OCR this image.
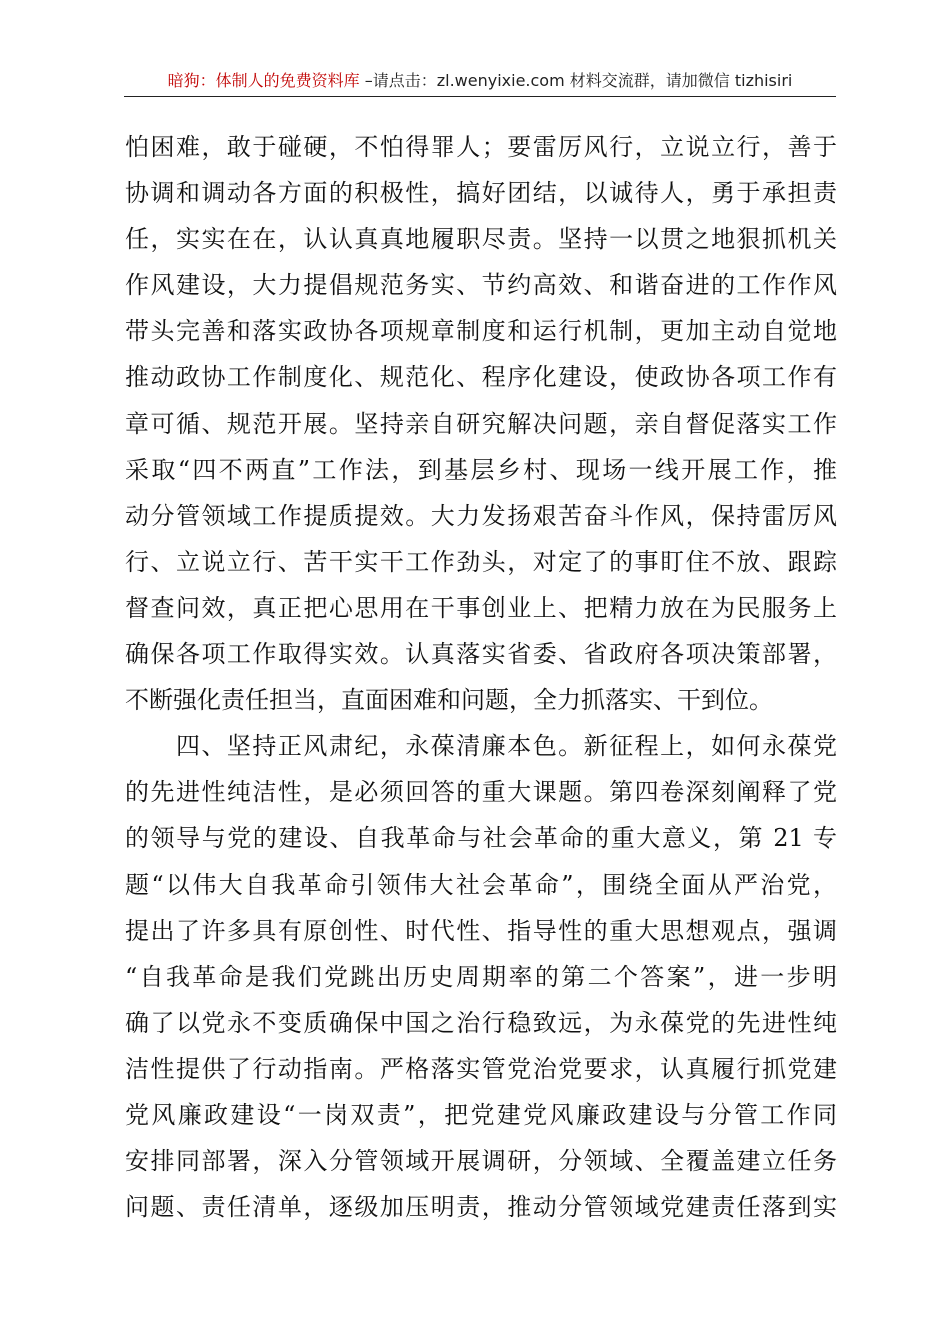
暗狗：体制人的免费资料库 –请点击：zl.wenyixie.com 材料交流群，请加微信 tizhisiri
怕困难，敢于碰硬，不怕得罪人；要雷厉风行，立说立行，善于
协调和调动各方面的积极性，搞好团结，以诚待人，勇于承担责
任，实实在在，认认真真地履职尽责。坚持一以贯之地狠抓机关
作风建设，大力提倡规范务实、节约高效、和谐奋进的工作作风
带头完善和落实政协各项规章制度和运行机制，更加主动自觉地
推动政协工作制度化、规范化、程序化建设，使政协各项工作有
章可循、规范开展。坚持亲自研究解决问题，亲自督促落实工作
采取“四不两直”工作法，到基层乡村、现场一线开展工作，推
动分管领域工作提质提效。大力发扬艰苦奋斗作风，保持雷厉风
行、立说立行、苦干实干工作劲头，对定了的事盯住不放、跟踪
督查问效，真正把心思用在干事创业上、把精力放在为民服务上
确保各项工作取得实效。认真落实省委、省政府各项决策部署，
不断强化责任担当，直面困难和问题，全力抓落实、干到位。
　　四、坚持正风肃纪，永葆清廉本色。新征程上，如何永葆党
的先进性纯洁性，是必须回答的重大课题。第四卷深刻阐释了党
的领导与党的建设、自我革命与社会革命的重大意义，第 21 专
题“以伟大自我革命引领伟大社会革命”，围绕全面从严治党，
提出了许多具有原创性、时代性、指导性的重大思想观点，强调
“自我革命是我们党跳出历史周期率的第二个答案”，进一步明
确了以党永不变质确保中国之治行稳致远，为永葆党的先进性纯
洁性提供了行动指南。严格落实管党治党要求，认真履行抓党建
党风廉政建设“一岗双责”，把党建党风廉政建设与分管工作同
安排同部署，深入分管领域开展调研，分领域、全覆盖建立任务
问题、责任清单，逐级加压明责，推动分管领域党建责任落到实
